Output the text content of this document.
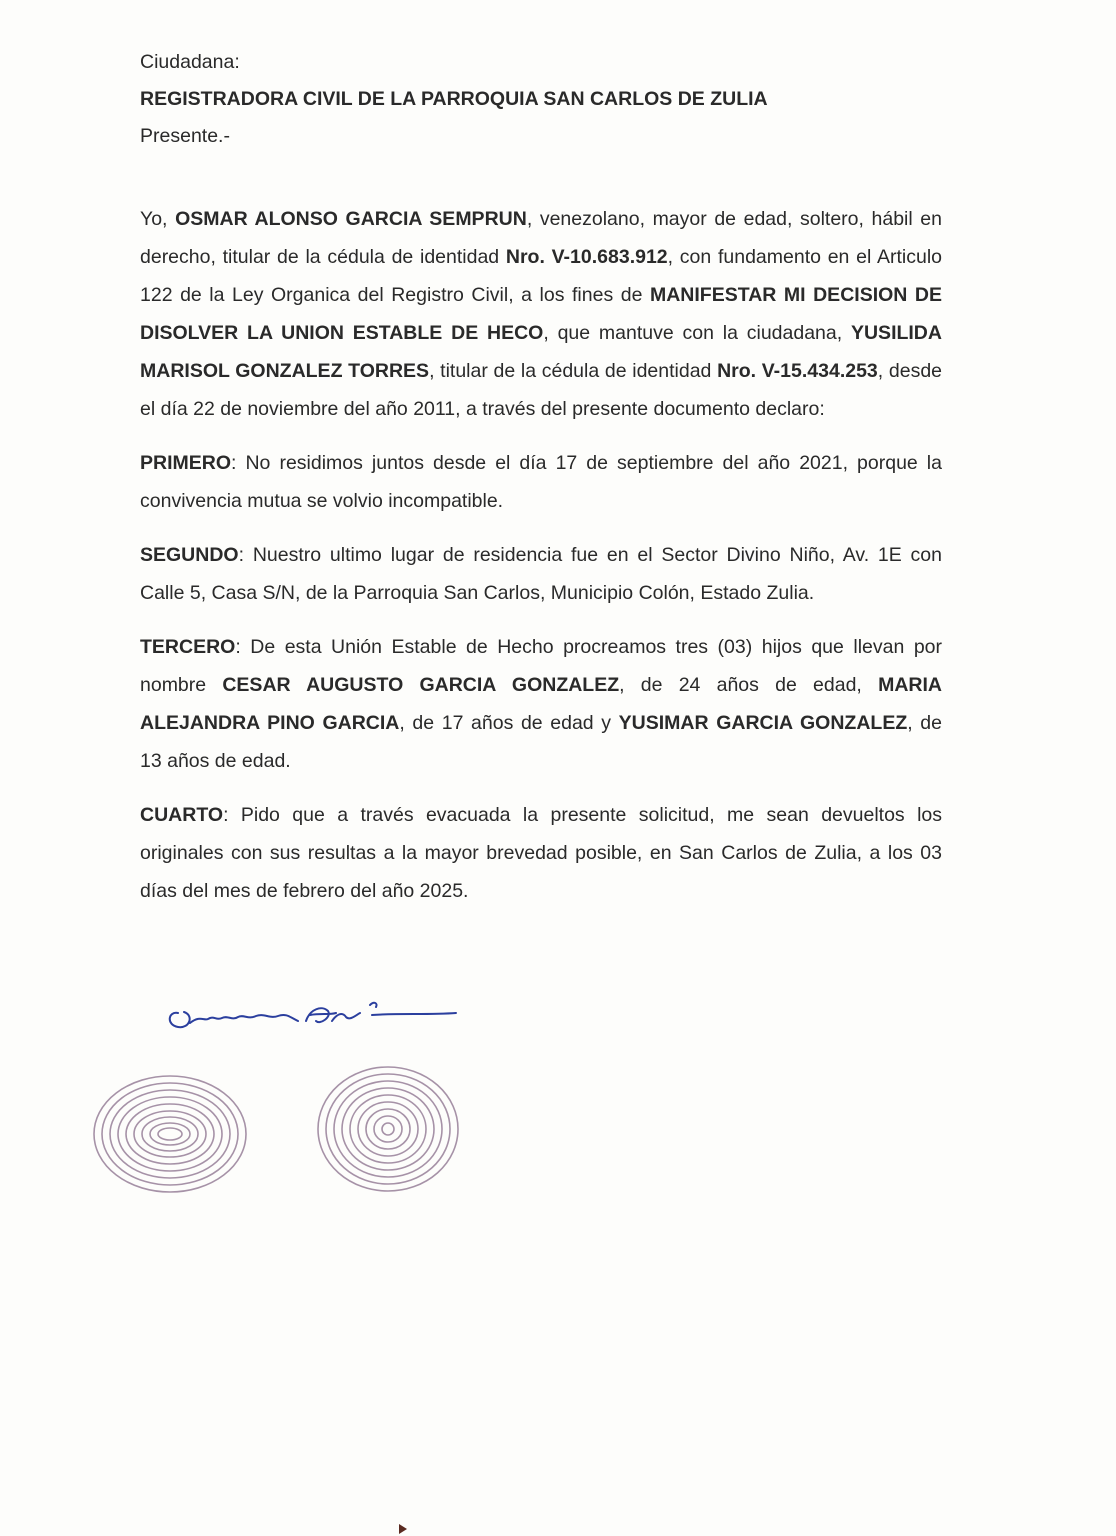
Ciudadana:

REGISTRADORA CIVIL DE LA PARROQUIA SAN CARLOS DE ZULIA

Presente.-

Yo, OSMAR ALONSO GARCIA SEMPRUN, venezolano, mayor de edad, soltero, hábil en derecho, titular de la cédula de identidad Nro. V-10.683.912, con fundamento en el Articulo 122 de la Ley Organica del Registro Civil, a los fines de MANIFESTAR MI DECISION DE DISOLVER LA UNION ESTABLE DE HECO, que mantuve con la ciudadana, YUSILIDA MARISOL GONZALEZ TORRES, titular de la cédula de identidad Nro. V-15.434.253, desde el día 22 de noviembre del año 2011, a través del presente documento declaro:

PRIMERO: No residimos juntos desde el día 17 de septiembre del año 2021, porque la convivencia mutua se volvio incompatible.

SEGUNDO: Nuestro ultimo lugar de residencia fue en el Sector Divino Niño, Av. 1E con Calle 5, Casa S/N, de la Parroquia San Carlos, Municipio Colón, Estado Zulia.

TERCERO: De esta Unión Estable de Hecho procreamos tres (03) hijos que llevan por nombre CESAR AUGUSTO GARCIA GONZALEZ, de 24 años de edad, MARIA ALEJANDRA PINO GARCIA, de 17 años de edad y YUSIMAR GARCIA GONZALEZ, de 13 años de edad.

CUARTO: Pido que a través evacuada la presente solicitud, me sean devueltos los originales con sus resultas a la mayor brevedad posible, en San Carlos de Zulia, a los 03 días del mes de febrero del año 2025.
